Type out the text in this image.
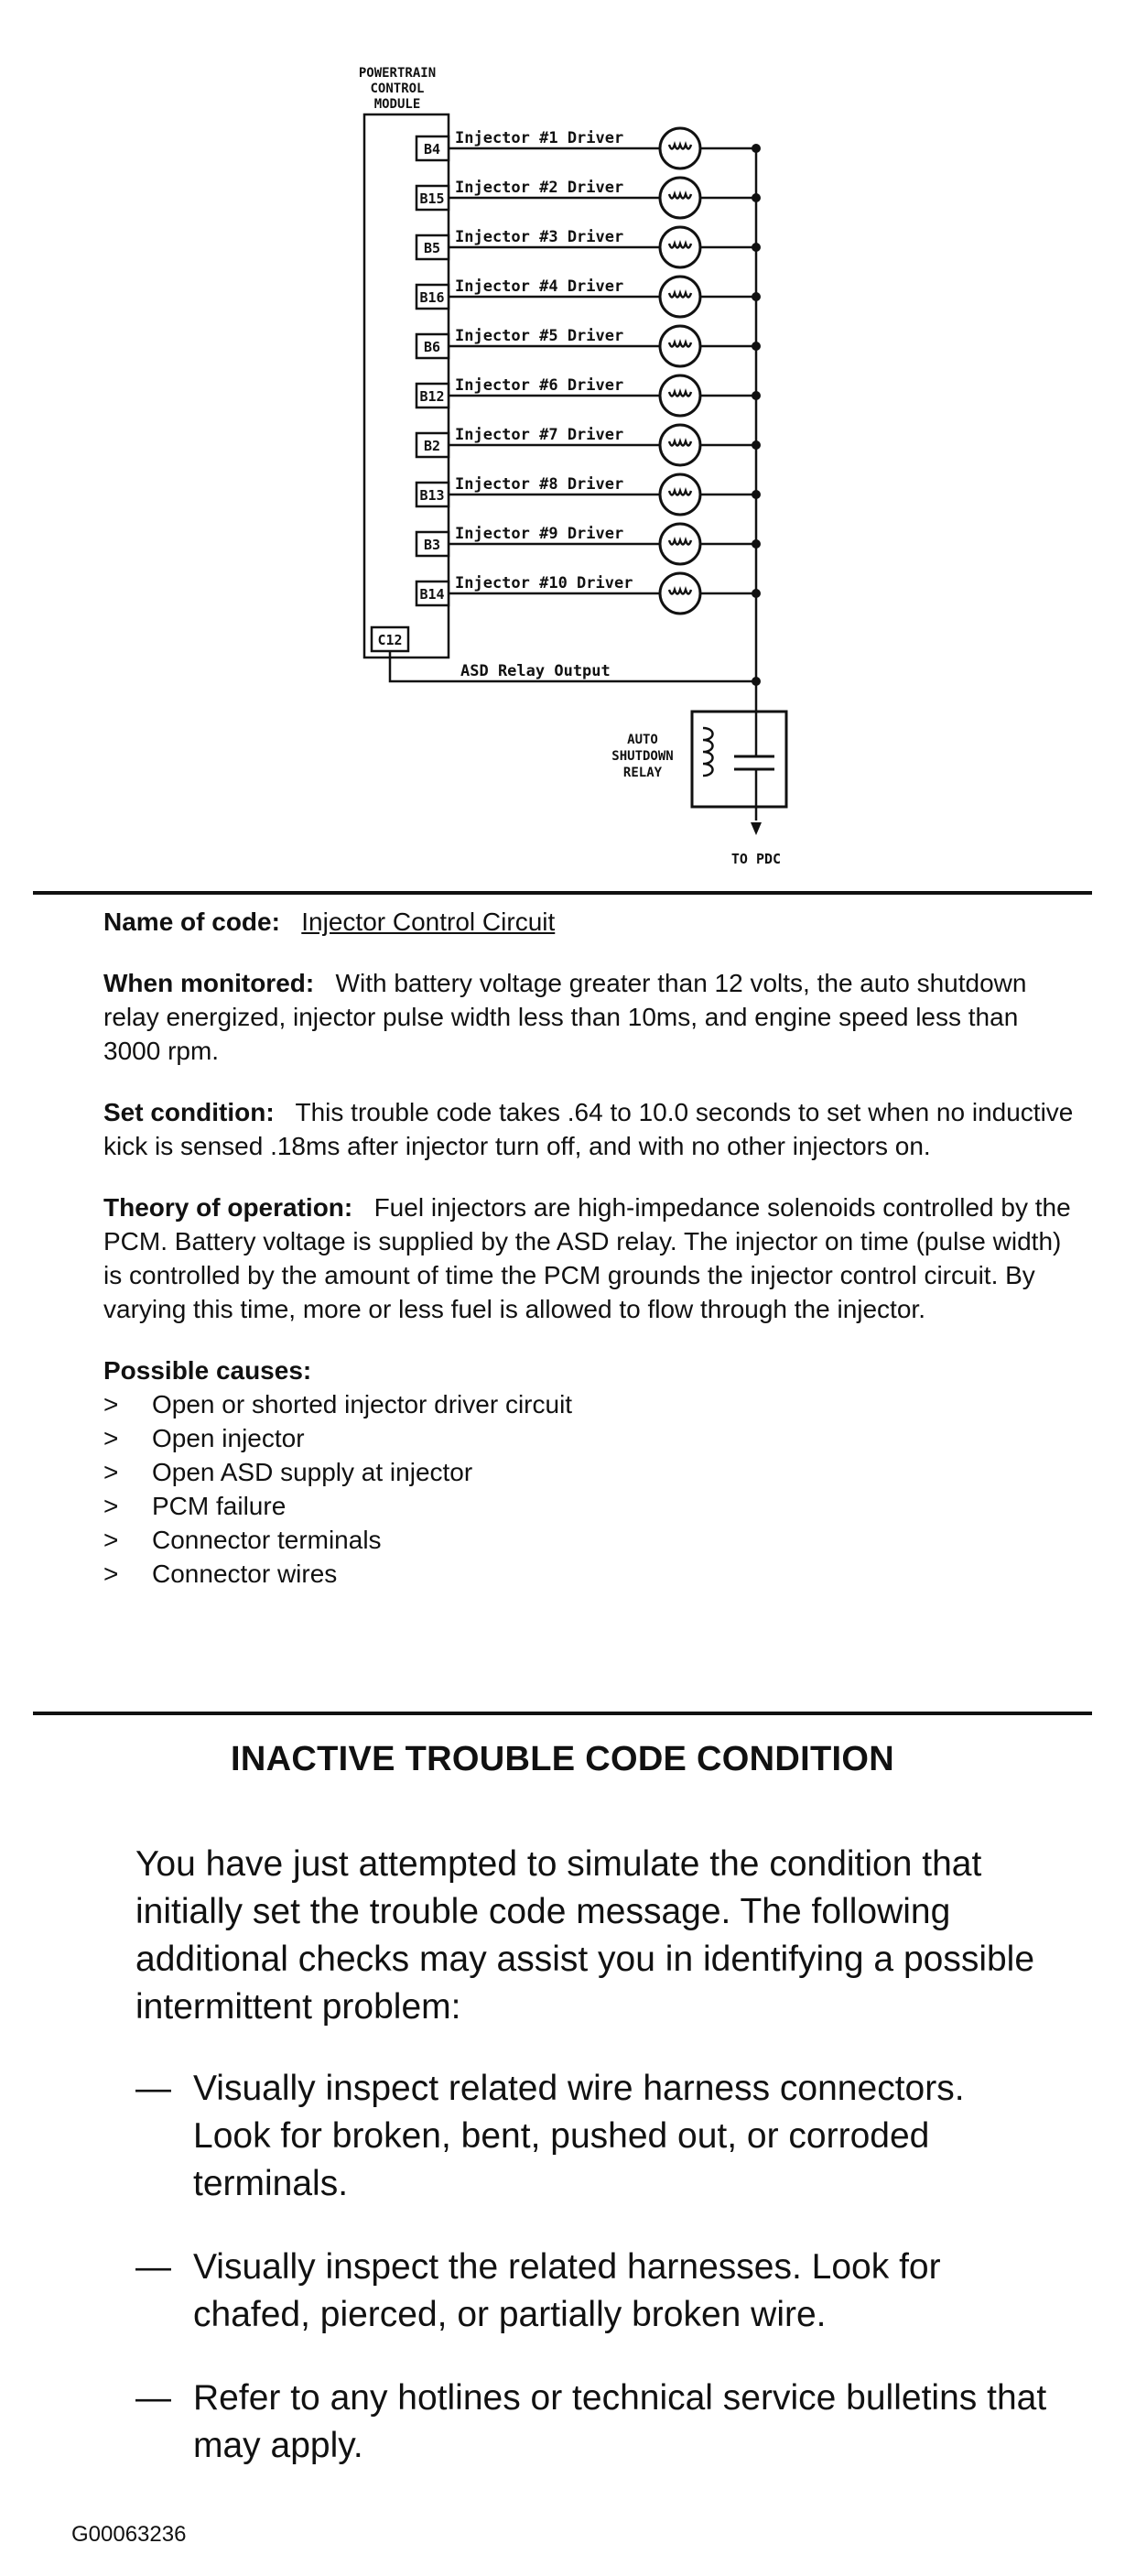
POWERTRAIN
CONTROL
MODULE
B4
Injector #1 Driver
B15
Injector #2 Driver
B5
Injector #3 Driver
B16
Injector #4 Driver
B6
Injector #5 Driver
B12
Injector #6 Driver
B2
Injector #7 Driver
B13
Injector #8 Driver
B3
Injector #9 Driver
B14
Injector #10 Driver
C12
ASD Relay Output
AUTO
SHUTDOWN
RELAY
TO PDC

Name of code: Injector Control Circuit

When monitored: With battery voltage greater than 12 volts, the auto shutdown relay energized, injector pulse width less than 10ms, and engine speed less than 3000 rpm.

Set condition: This trouble code takes .64 to 10.0 seconds to set when no inductive kick is sensed .18ms after injector turn off, and with no other injectors on.

Theory of operation: Fuel injectors are high-impedance solenoids controlled by the PCM. Battery voltage is supplied by the ASD relay. The injector on time (pulse width) is controlled by the amount of time the PCM grounds the injector control circuit. By varying this time, more or less fuel is allowed to flow through the injector.

Possible causes:
> Open or shorted injector driver circuit
> Open injector
> Open ASD supply at injector
> PCM failure
> Connector terminals
> Connector wires
INACTIVE TROUBLE CODE CONDITION

You have just attempted to simulate the condition that initially set the trouble code message. The following additional checks may assist you in identifying a possible intermittent problem:

— Visually inspect related wire harness connectors. Look for broken, bent, pushed out, or corroded terminals.
— Visually inspect the related harnesses. Look for chafed, pierced, or partially broken wire.
— Refer to any hotlines or technical service bulletins that may apply.
G00063236
